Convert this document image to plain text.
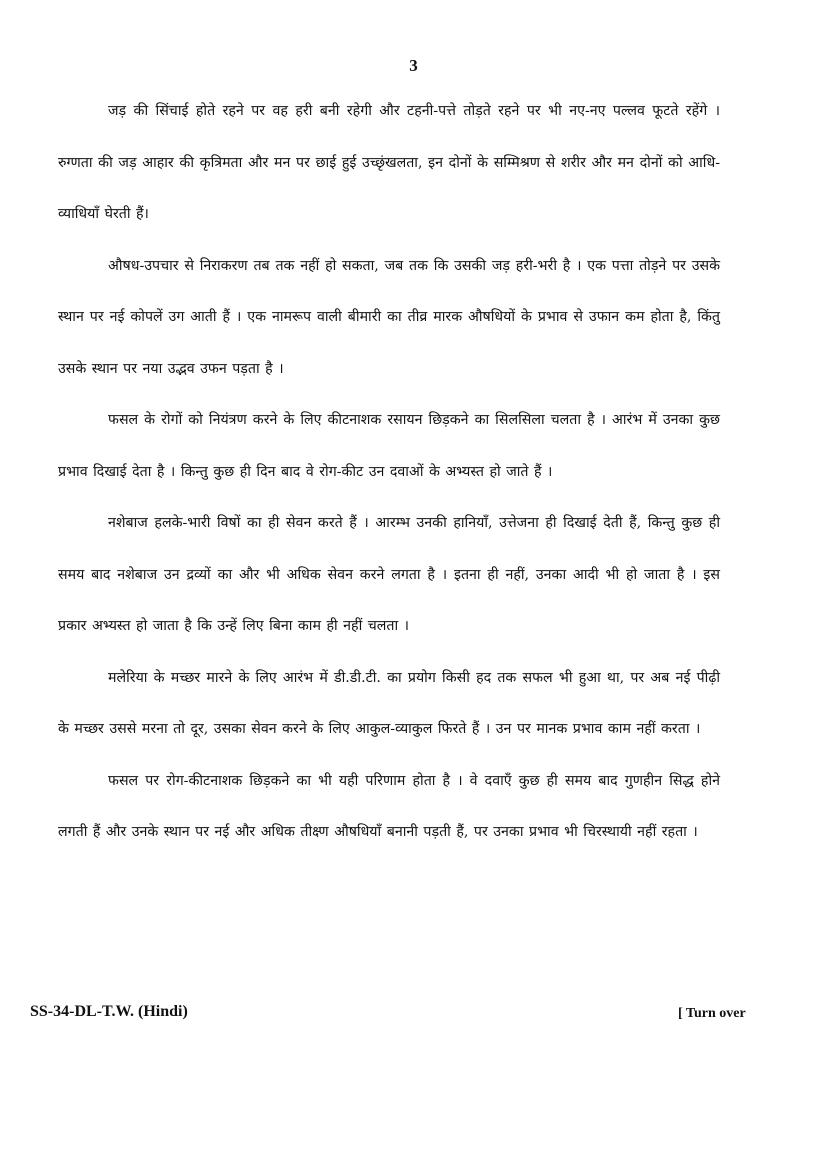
3

जड़ की सिंचाई होते रहने पर वह हरी बनी रहेगी और टहनी-पत्ते तोड़ते रहने पर भी नए-नए पल्लव फूटते रहेंगे । रुग्णता की जड़ आहार की कृत्रिमता और मन पर छाई हुई उच्छृंखलता, इन दोनों के सम्मिश्रण से शरीर और मन दोनों को आधि-व्याधियाँ घेरती हैं।

औषध-उपचार से निराकरण तब तक नहीं हो सकता, जब तक कि उसकी जड़ हरी-भरी है । एक पत्ता तोड़ने पर उसके स्थान पर नई कोपलें उग आती हैं । एक नामरूप वाली बीमारी का तीव्र मारक औषधियों के प्रभाव से उफान कम होता है, किंतु उसके स्थान पर नया उद्भव उफन पड़ता है ।

फसल के रोगों को नियंत्रण करने के लिए कीटनाशक रसायन छिड़कने का सिलसिला चलता है । आरंभ में उनका कुछ प्रभाव दिखाई देता है । किन्तु कुछ ही दिन बाद वे रोग-कीट उन दवाओं के अभ्यस्त हो जाते हैं ।

नशेबाज हलके-भारी विषों का ही सेवन करते हैं । आरम्भ उनकी हानियाँ, उत्तेजना ही दिखाई देती हैं, किन्तु कुछ ही समय बाद नशेबाज उन द्रव्यों का और भी अधिक सेवन करने लगता है । इतना ही नहीं, उनका आदी भी हो जाता है । इस प्रकार अभ्यस्त हो जाता है कि उन्हें लिए बिना काम ही नहीं चलता ।

मलेरिया के मच्छर मारने के लिए आरंभ में डी.डी.टी. का प्रयोग किसी हद तक सफल भी हुआ था, पर अब नई पीढ़ी के मच्छर उससे मरना तो दूर, उसका सेवन करने के लिए आकुल-व्याकुल फिरते हैं । उन पर मानक प्रभाव काम नहीं करता ।

फसल पर रोग-कीटनाशक छिड़कने का भी यही परिणाम होता है । वे दवाएँ कुछ ही समय बाद गुणहीन सिद्ध होने लगती हैं और उनके स्थान पर नई और अधिक तीक्ष्ण औषधियाँ बनानी पड़ती हैं, पर उनका प्रभाव भी चिरस्थायी नहीं रहता ।

SS-34-DL-T.W. (Hindi)	[ Turn over
